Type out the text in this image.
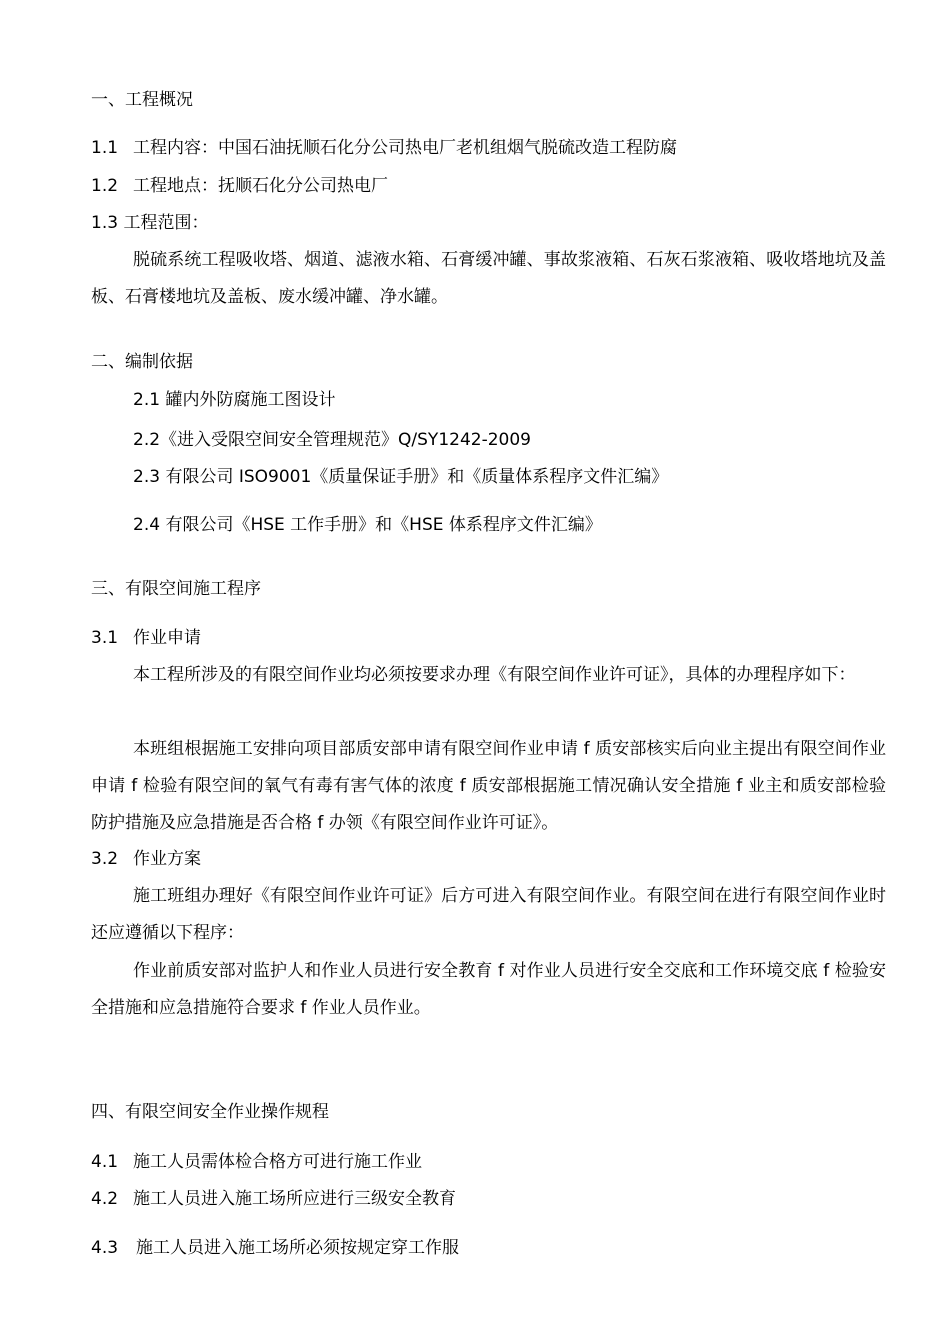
一、工程概况
1.1 工程内容：中国石油抚顺石化分公司热电厂老机组烟气脱硫改造工程防腐
1.2 工程地点：抚顺石化分公司热电厂
1.3 工程范围：
脱硫系统工程吸收塔、烟道、滤液水箱、石膏缓冲罐、事故浆液箱、石灰石浆液箱、吸收塔地坑及盖板、石膏楼地坑及盖板、废水缓冲罐、净水罐。
二、编制依据
2.1 罐内外防腐施工图设计
2.2《进入受限空间安全管理规范》Q/SY1242-2009
2.3 有限公司 ISO9001《质量保证手册》和《质量体系程序文件汇编》
2.4 有限公司《HSE 工作手册》和《HSE 体系程序文件汇编》
三、有限空间施工程序
3.1 作业申请
本工程所涉及的有限空间作业均必须按要求办理《有限空间作业许可证》，具体的办理程序如下：
本班组根据施工安排向项目部质安部申请有限空间作业申请 f 质安部核实后向业主提出有限空间作业申请 f 检验有限空间的氧气有毒有害气体的浓度 f 质安部根据施工情况确认安全措施 f 业主和质安部检验防护措施及应急措施是否合格 f 办领《有限空间作业许可证》。
3.2 作业方案
施工班组办理好《有限空间作业许可证》后方可进入有限空间作业。有限空间在进行有限空间作业时还应遵循以下程序：
作业前质安部对监护人和作业人员进行安全教育 f 对作业人员进行安全交底和工作环境交底 f 检验安全措施和应急措施符合要求 f 作业人员作业。
四、有限空间安全作业操作规程
4.1 施工人员需体检合格方可进行施工作业
4.2 施工人员进入施工场所应进行三级安全教育
4.3 施工人员进入施工场所必须按规定穿工作服
